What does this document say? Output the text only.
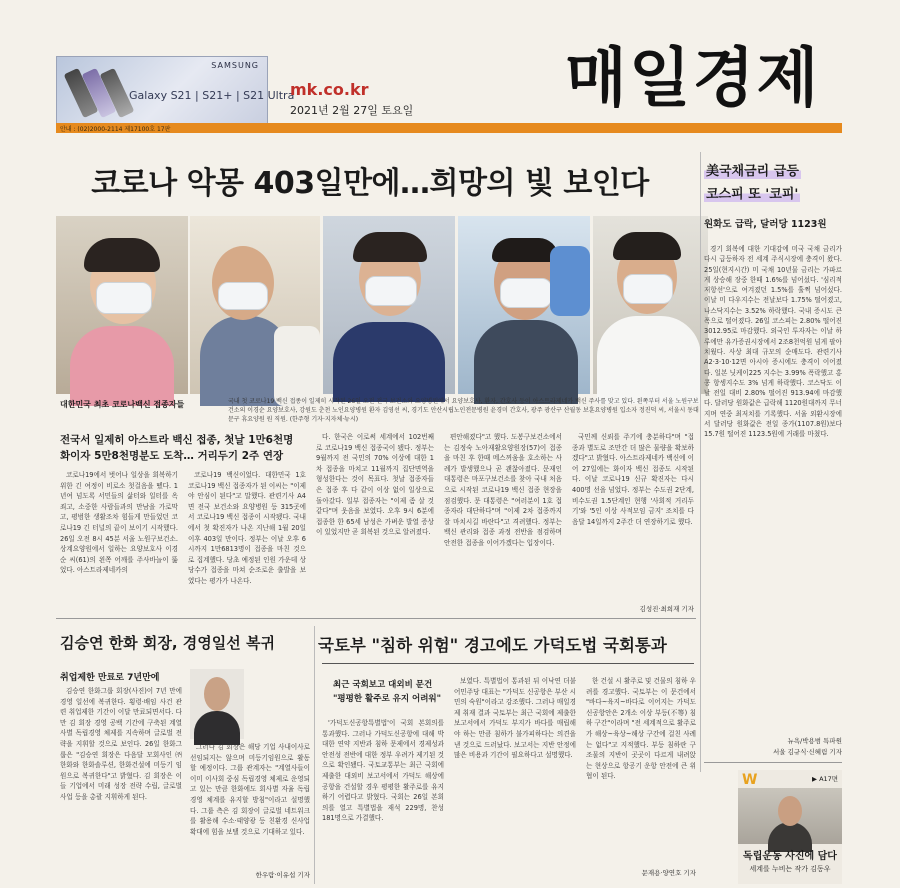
SAMSUNG
Galaxy S21 | S21+ | S21 Ultra
mk.co.kr
2021년 2월 27일 토요일 매일경제
안내 : (02)2000-2114 제17100호 17판
코로나 악몽 403일만에…희망의 빛 보인다
대한민국 최초 코로나백신 접종자들	국내 첫 코로나19 백신 접종이 일제히 시작된 26일 오전 전국 보건소와 요양병원에서 요양보호사, 환자, 간호사 등이 아스트라제네카 백신 주사를 맞고 있다. 왼쪽부터 서울 노원구보건소의 이경순 요양보호사, 강원도 춘천 노인요양병원 환자 김영선 씨, 경기도 안산시립노인전문병원 윤경미 간호사, 광주 광산구 산월동 보훈요양병원 입소자 정진덕 씨, 서울시 동대문구 휴요양원 원 직원. (한주형 기자·지자체·뉴시)
전국서 일제히 아스트라 백신 접종, 첫날 1만6천명
화이자 5만8천명분도 도착… 거리두기 2주 연장

코로나19에서 벗어나 일상을 회복하기 위한 긴 여정이 비로소 첫걸음을 뗐다. 1년여 넘도록 서민들의 삶터와 일터를 옥죄고, 소중한 사람들과의 만남을 가로막고, 평범한 생활조차 힘들게 만들었던 코로나19 긴 터널의 끝이 보이기 시작했다. 26일 오전 8시 45분 서울 노원구보건소. 상계요양원에서 일하는 요양보호사 이경순 씨(61)의 왼쪽 어깨를 주사바늘이 뚫었다. 아스트라제네카의

코로나19 백신이었다. 대한민국 1호 코로나19 백신 접종자가 된 이씨는 "이제야 안심이 된다"고 말했다. 관련기사 A4면 전국 보건소와 요양병원 등 315곳에서 코로나19 백신 접종이 시작됐다. 국내에서 첫 확진자가 나온 지난해 1월 20일 이후 403일 만이다. 정부는 이날 오후 6시까지 1만6813명이 접종을 마친 것으로 집계했다. 당초 예정된 인원 가운데 상당수가 접종을 마쳐 순조로운 출발을 보였다는 평가가 나온다.

다. 한국은 이로써 세계에서 102번째로 코로나19 백신 접종국이 됐다. 정부는 9월까지 전 국민의 70% 이상에 대한 1차 접종을 마치고 11월까지 집단면역을 형성한다는 것이 목표다. 첫날 접종자들은 접종 후 다 같이 이상 없이 일상으로 돌아갔다. 일부 접종자는 "이제 좀 살 것 같다"며 웃음을 보였다. 오후 9시 6분에 접종한 한 65세 남성은 가벼운 발열 증상이 있었지만 곧 회복된 것으로 알려졌다.

편안해졌다"고 했다. 도봉구보건소에서는 김정숙 노아재활요양원장(57)이 접종을 마친 후 한때 메스꺼움을 호소하는 사례가 발생했으나 곧 괜찮아졌다. 문재인 대통령은 마포구보건소를 찾아 국내 처음으로 시작된 코로나19 백신 접종 현장을 점검했다. 문 대통령은 "여러분이 1호 접종자라 대단하다"며 "이제 2차 접종까지 잘 마치시길 바란다"고 격려했다. 정부는 백신 관리와 접종 과정 전반을 점검하며 안전한 접종을 이어가겠다는 입장이다.

국민께 신뢰를 주기에 충분하다"며 "접종과 별도로 조만간 더 많은 물량을 확보하겠다"고 밝혔다. 아스트라제네카 백신에 이어 27일에는 화이자 백신 접종도 시작된다. 이날 코로나19 신규 확진자는 다시 400명 선을 넘었다. 정부는 수도권 2단계, 비수도권 1.5단계인 현행 '사회적 거리두기'와 '5인 이상 사적모임 금지' 조치를 다음달 14일까지 2주간 더 연장하기로 했다.

김성진·최희재 기자
美국채금리 급등
코스피 또 '코피'
원화도 급락, 달러당 1123원

경기 회복에 대한 기대감에 미국 국채 금리가 다시 급등하자 전 세계 주식시장에 충격이 왔다. 25일(현지시간) 미 국채 10년물 금리는 가파르게 상승해 장중 한때 1.6%를 넘어섰다. '심리적 저항선'으로 여겨졌던 1.5%를 훌쩍 넘어섰다. 이날 미 다우지수는 전날보다 1.75% 떨어졌고, 나스닥지수는 3.52% 하락했다. 국내 증시도 큰 폭으로 떨어졌다. 26일 코스피는 2.80% 떨어진 3012.95로 마감했다. 외국인 투자자는 이날 하루에만 유가증권시장에서 2조8천억원 넘게 팔아치웠다. 사상 최대 규모의 순매도다. 관련기사 A2·3·10·12면 아시아 증시에도 충격이 이어졌다. 일본 닛케이225 지수는 3.99% 폭락했고 홍콩 항셍지수도 3% 넘게 하락했다. 코스닥도 이날 전일 대비 2.80% 떨어진 913.94에 마감했다. 달러당 원화값은 급락해 1120원대까지 무너지며 연중 최저치를 기록했다. 서울 외환시장에서 달러당 원화값은 전일 종가(1107.8원)보다 15.7원 떨어진 1123.5원에 거래를 마쳤다.

뉴욕/박용범 특파원
서울 김규식·신혜림 기자
김승연 한화 회장, 경영일선 복귀
취업제한 만료로 7년만에

김승연 한화그룹 회장(사진)이 7년 만에 경영 일선에 복귀한다. 횡령·배임 사건 관련 취업제한 기간이 이달 만료되면서다. 다만 김 회장 경영 공백 기간에 구축된 계열사별 독립경영 체제를 지속하며 글로벌 전략을 지휘할 것으로 보인다. 26일 한화그룹은 "김승연 회장은 다음달 모회사인 ㈜한화와 한화솔루션, 한화건설에 미등기 임원으로 복귀한다"고 밝혔다. 김 회장은 이들 기업에서 미래 성장 전략 수립, 글로벌 사업 등을 총괄 지휘하게 된다.

그러나 김 회장은 해당 기업 사내이사로 선임되지는 않으며 미등기임원으로 활동할 예정이다. 그룹 관계자는 "계열사들이 이미 이사회 중심 독립경영 체제로 운영되고 있는 만큼 한화에도 회사별 자율 독립경영 체계를 유지할 방침"이라고 설명했다. 그룹 측은 김 회장이 글로벌 네트워크를 활용해 수소·태양광 등 친환경 신사업 확대에 힘을 보탤 것으로 기대하고 있다.

한우람·이유섭 기자
국토부 "침하 위험" 경고에도 가덕도법 국회통과
최근 국회보고 대외비 문건
"평평한 활주로 유지 어려워"

'가덕도신공항특별법'이 국회 본회의를 통과했다. 그러나 가덕도신공항에 대해 박대한 연약 지반과 침하 문제에서 경제성과 안전성 전반에 대한 정부 우려가 제기된 것으로 확인됐다. 국토교통부는 최근 국회에 제출한 대외비 보고서에서 가덕도 해상에 공항을 건설할 경우 평평한 활주로를 유지하기 어렵다고 밝혔다. 국회는 26일 본회의를 열고 특별법을 재석 229명, 찬성 181명으로 가결했다.

보였다. 특별법이 통과된 뒤 이낙연 더불어민주당 대표는 "가덕도 신공항은 부산 시민의 숙원"이라고 강조했다. 그러나 매일경제 취재 결과 국토부는 최근 국회에 제출한 보고서에서 가덕도 부지가 바다를 매립해야 하는 만큼 침하가 불가피하다는 의견을 낸 것으로 드러났다. 보고서는 지반 안정에 많은 비용과 기간이 필요하다고 설명했다.

한 건설 시 활주로 및 건물의 침하 우려를 경고했다. 국토부는 이 문건에서 "바다~육지~바다로 이어지는 가덕도신공항안은 2개소 이상 부등(不等) 침하 구간"이라며 "전 세계적으로 활주로가 해상~육상~해상 구간에 걸친 사례는 없다"고 지적했다. 부등 침하란 구조물의 지반이 곳곳이 다르게 내려앉는 현상으로 항공기 운항 안전에 큰 위협이 된다.

문재용·양연호 기자
W	▶ A17면
독립운동 사진에 담다
세계를 누비는 작가 김동우
